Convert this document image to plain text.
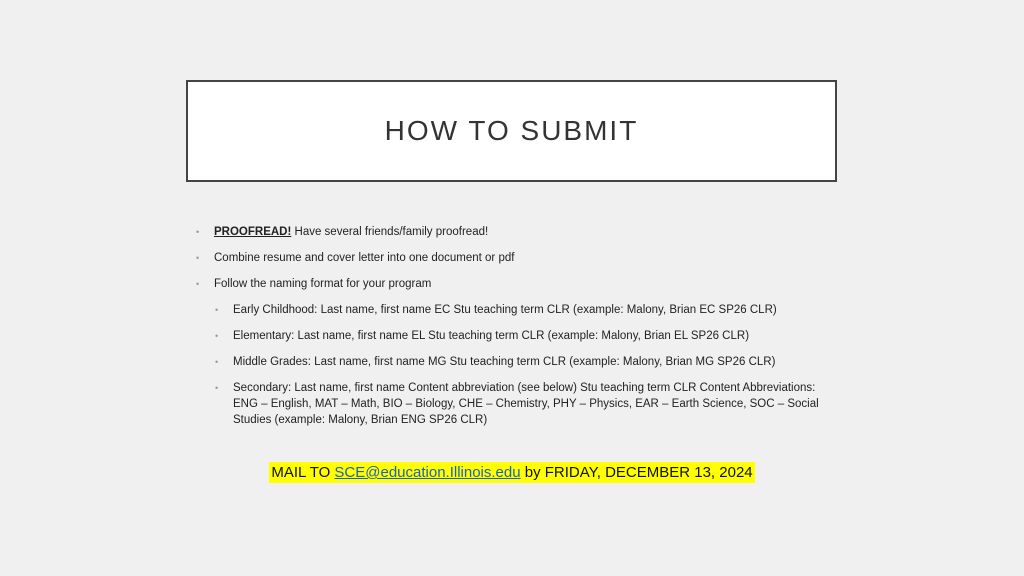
HOW TO SUBMIT
• PROOFREAD! Have several friends/family proofread!
• Combine resume and cover letter into one document or pdf
• Follow the naming format for your program
• Early Childhood: Last name, first name EC Stu teaching term CLR (example: Malony, Brian EC SP26 CLR)
• Elementary: Last name, first name EL Stu teaching term CLR (example: Malony, Brian EL SP26 CLR)
• Middle Grades: Last name, first name MG Stu teaching term CLR (example: Malony, Brian MG SP26 CLR)
• Secondary: Last name, first name Content abbreviation (see below) Stu teaching term CLR Content Abbreviations: ENG – English, MAT – Math, BIO – Biology, CHE – Chemistry, PHY – Physics, EAR – Earth Science, SOC – Social Studies (example: Malony, Brian ENG SP26 CLR)
MAIL TO SCE@education.Illinois.edu by FRIDAY, DECEMBER 13, 2024
